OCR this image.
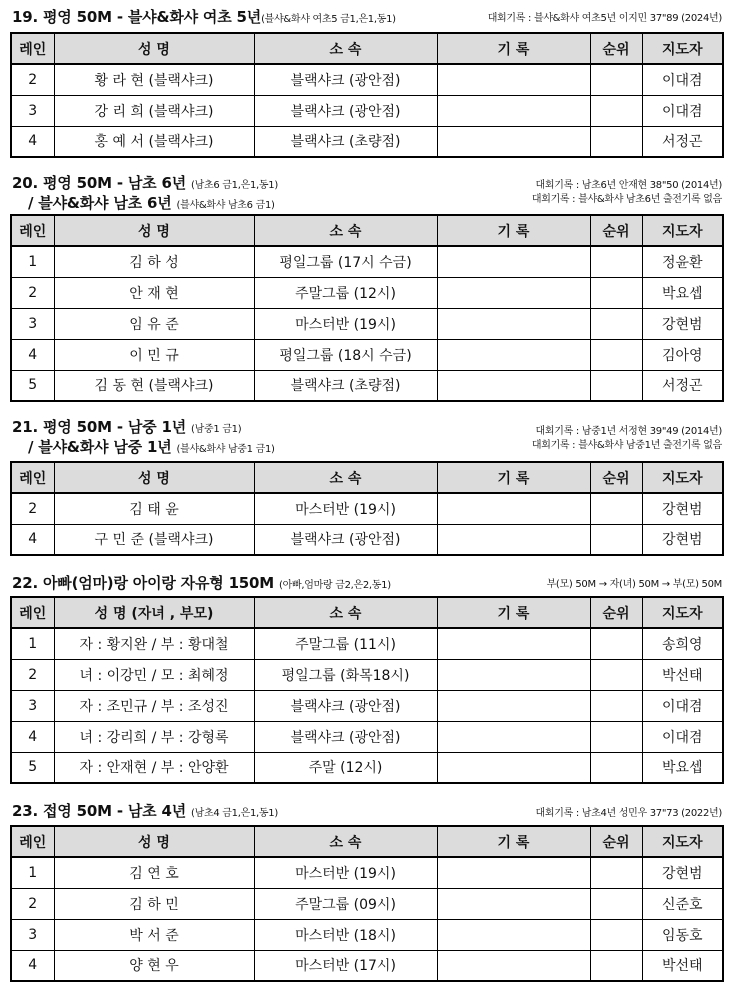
19. 평영 50M - 블샤&화샤 여초 5년(블샤&화샤 여초5 금1,은1,동1)	대회기록 : 블샤&화샤 여초5년 이지민 37"89 (2024년)
레인	성 명	소 속	기 록	순위	지도자
2	황 라 현 (블랙샤크)	블랙샤크 (광안점)			이대겸
3	강 리 희 (블랙샤크)	블랙샤크 (광안점)			이대겸
4	홍 예 서 (블랙샤크)	블랙샤크 (초량점)			서정곤
20. 평영 50M - 남초 6년 (남초6 금1,은1,동1)
/ 블샤&화샤 남초 6년 (블샤&화샤 남초6 금1)
대회기록 : 남초6년 안재현 38"50 (2014년)
대회기록 : 블샤&화샤 남초6년 출전기록 없음
레인	성 명	소 속	기 록	순위	지도자
1	김 하 성	평일그룹 (17시 수금)			정윤환
2	안 재 현	주말그룹 (12시)			박요셉
3	임 유 준	마스터반 (19시)			강현범
4	이 민 규	평일그룹 (18시 수금)			김아영
5	김 동 현 (블랙샤크)	블랙샤크 (초량점)			서정곤
21. 평영 50M - 남중 1년 (남중1 금1)
/ 블샤&화샤 남중 1년 (블샤&화샤 남중1 금1)
대회기록 : 남중1년 서정현 39"49 (2014년)
대회기록 : 블샤&화샤 남중1년 출전기록 없음
레인	성 명	소 속	기 록	순위	지도자
2	김 태 윤	마스터반 (19시)			강현범
4	구 민 준 (블랙샤크)	블랙샤크 (광안점)			강현범
22. 아빠(엄마)랑 아이랑 자유형 150M (아빠,엄마랑 금2,은2,동1)	부(모) 50M → 자(녀) 50M → 부(모) 50M
레인	성 명 (자녀 , 부모)	소 속	기 록	순위	지도자
1	자 : 황지완 / 부 : 황대철	주말그룹 (11시)			송희영
2	녀 : 이강민 / 모 : 최혜정	평일그룹 (화목18시)			박선태
3	자 : 조민규 / 부 : 조성진	블랙샤크 (광안점)			이대겸
4	녀 : 강리희 / 부 : 강형록	블랙샤크 (광안점)			이대겸
5	자 : 안재현 / 부 : 안양환	주말 (12시)			박요셉
23. 접영 50M - 남초 4년 (남초4 금1,은1,동1)	대회기록 : 남초4년 성민우 37"73 (2022년)
레인	성 명	소 속	기 록	순위	지도자
1	김 연 호	마스터반 (19시)			강현범
2	김 하 민	주말그룹 (09시)			신준호
3	박 서 준	마스터반 (18시)			임동호
4	양 현 우	마스터반 (17시)			박선태
